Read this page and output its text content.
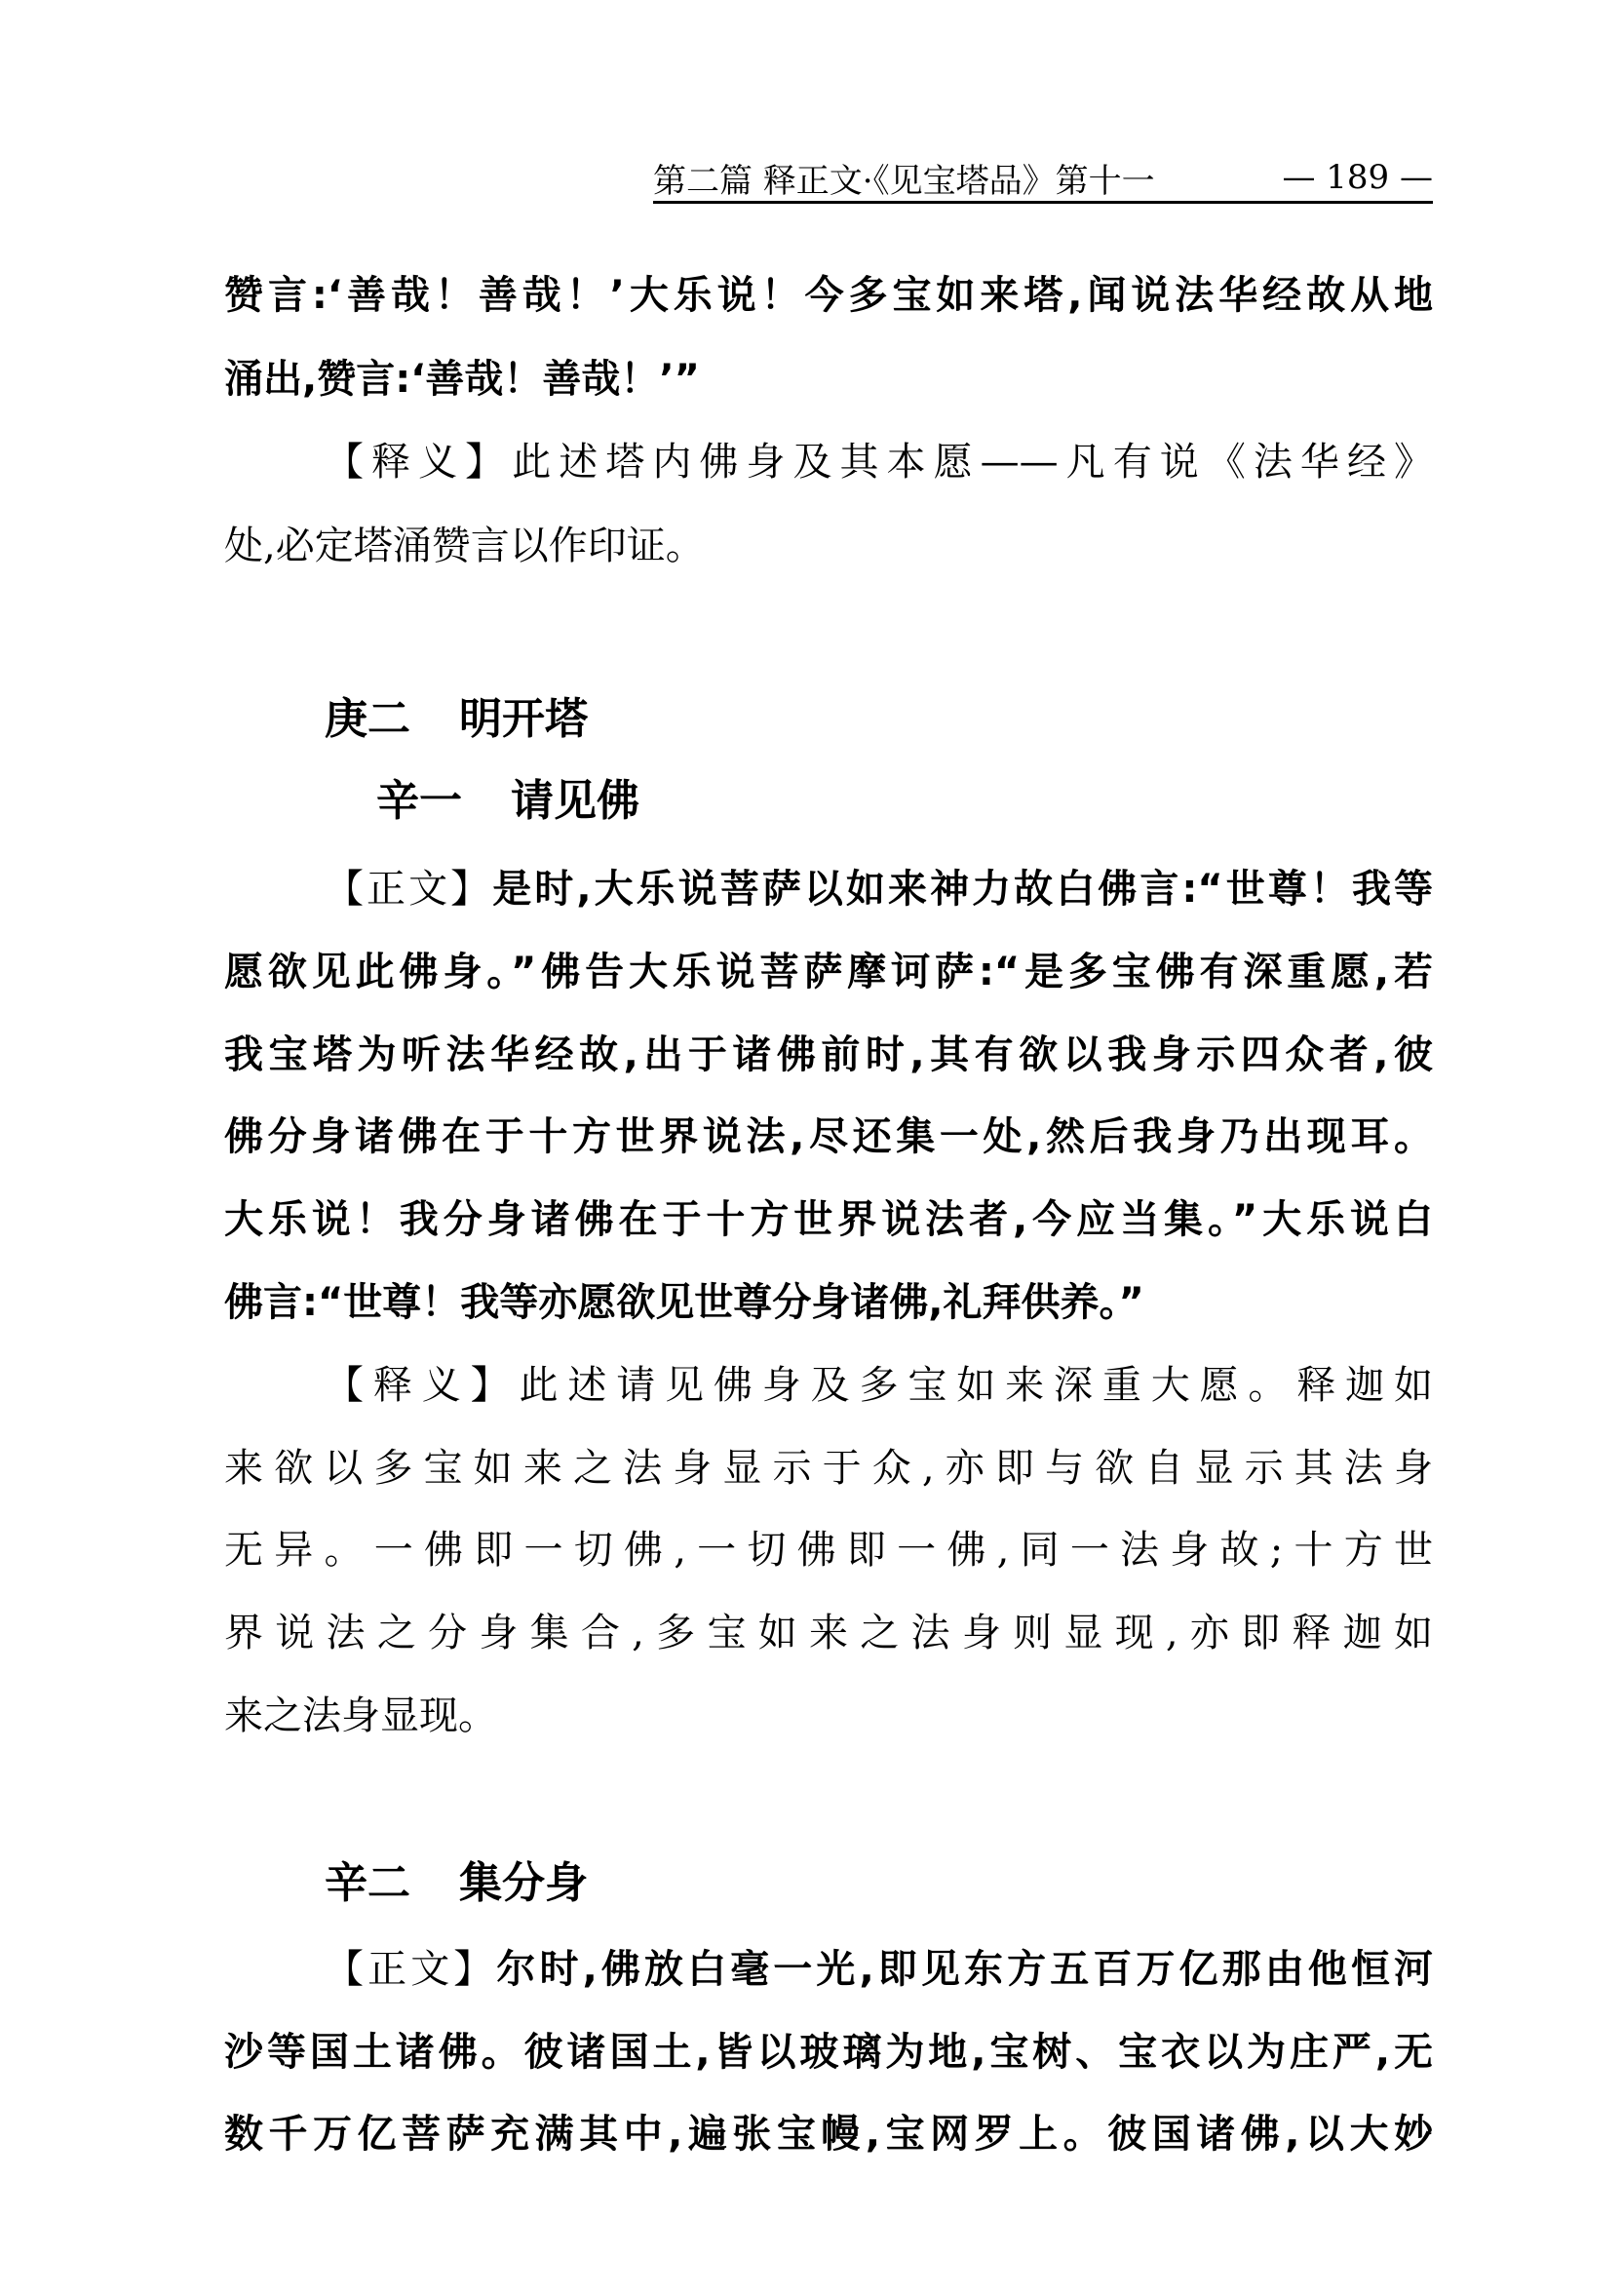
第二篇 释正文·《见宝塔品》第十一	— 189 —
赞言:‘善哉！善哉！’大乐说！今多宝如来塔,闻说法华经故从地
涌出,赞言:‘善哉！善哉！’”
【释义】此述塔内佛身及其本愿——凡有说《法华经》
处,必定塔涌赞言以作印证。
庚二 明开塔
辛一 请见佛
【正文】是时,大乐说菩萨以如来神力故白佛言:“世尊！我等
愿欲见此佛身。”佛告大乐说菩萨摩诃萨:“是多宝佛有深重愿,若
我宝塔为听法华经故,出于诸佛前时,其有欲以我身示四众者,彼
佛分身诸佛在于十方世界说法,尽还集一处,然后我身乃出现耳。
大乐说！我分身诸佛在于十方世界说法者,今应当集。”大乐说白
佛言:“世尊！我等亦愿欲见世尊分身诸佛,礼拜供养。”
【释义】此述请见佛身及多宝如来深重大愿。释迦如
来欲以多宝如来之法身显示于众,亦即与欲自显示其法身
无异。一佛即一切佛,一切佛即一佛,同一法身故;十方世
界说法之分身集合,多宝如来之法身则显现,亦即释迦如
来之法身显现。
辛二 集分身
【正文】尔时,佛放白毫一光,即见东方五百万亿那由他恒河
沙等国土诸佛。彼诸国土,皆以玻璃为地,宝树、宝衣以为庄严,无
数千万亿菩萨充满其中,遍张宝幔,宝网罗上。彼国诸佛,以大妙
